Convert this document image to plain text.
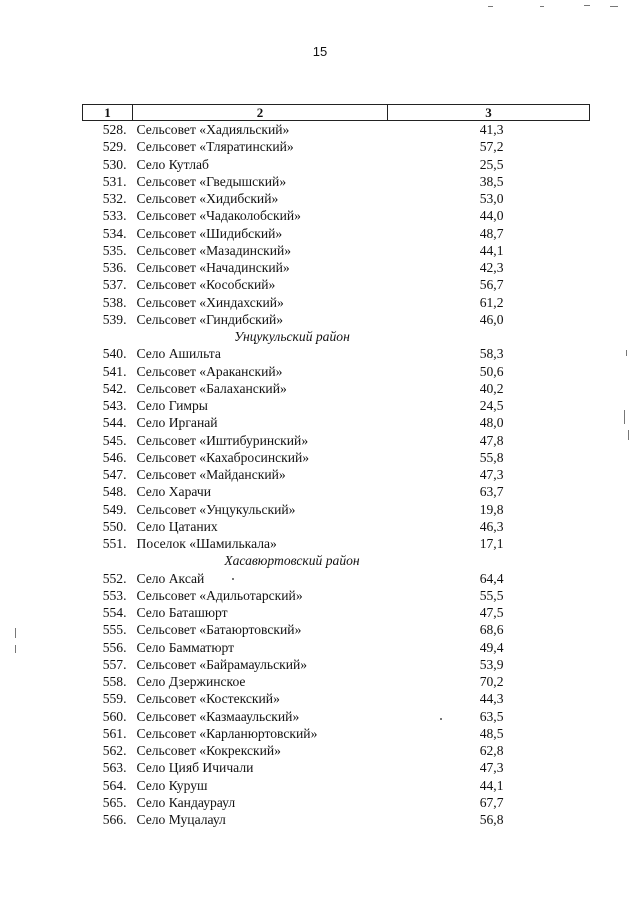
15
1	2	3
528.	Сельсовет «Хадияльский»	41,3
529.	Сельсовет «Тляратинский»	57,2
530.	Село Кутлаб	25,5
531.	Сельсовет «Гведышский»	38,5
532.	Сельсовет «Хидибский»	53,0
533.	Сельсовет «Чадаколобский»	44,0
534.	Сельсовет «Шидибский»	48,7
535.	Сельсовет «Мазадинский»	44,1
536.	Сельсовет «Начадинский»	42,3
537.	Сельсовет «Кособский»	56,7
538.	Сельсовет «Хиндахский»	61,2
539.	Сельсовет «Гиндибский»	46,0
Унцукульский район		
540.	Село Ашильта	58,3
541.	Сельсовет «Араканский»	50,6
542.	Сельсовет «Балаханский»	40,2
543.	Село Гимры	24,5
544.	Село Ирганай	48,0
545.	Сельсовет «Иштибуринский»	47,8
546.	Сельсовет «Кахабросинский»	55,8
547.	Сельсовет «Майданский»	47,3
548.	Село Харачи	63,7
549.	Сельсовет «Унцукульский»	19,8
550.	Село Цатаних	46,3
551.	Поселок «Шамилькала»	17,1
Хасавюртовский район		
552.	Село Аксай	64,4
553.	Сельсовет «Адильотарский»	55,5
554.	Село Баташюрт	47,5
555.	Сельсовет «Батаюртовский»	68,6
556.	Село Бамматюрт	49,4
557.	Сельсовет «Байрамаульский»	53,9
558.	Село Дзержинское	70,2
559.	Сельсовет «Костекский»	44,3
560.	Сельсовет «Казмааульский»	63,5
561.	Сельсовет «Карланюртовский»	48,5
562.	Сельсовет «Кокрекский»	62,8
563.	Село Цияб Ичичали	47,3
564.	Село Куруш	44,1
565.	Село Кандаураул	67,7
566.	Село Муцалаул	56,8
